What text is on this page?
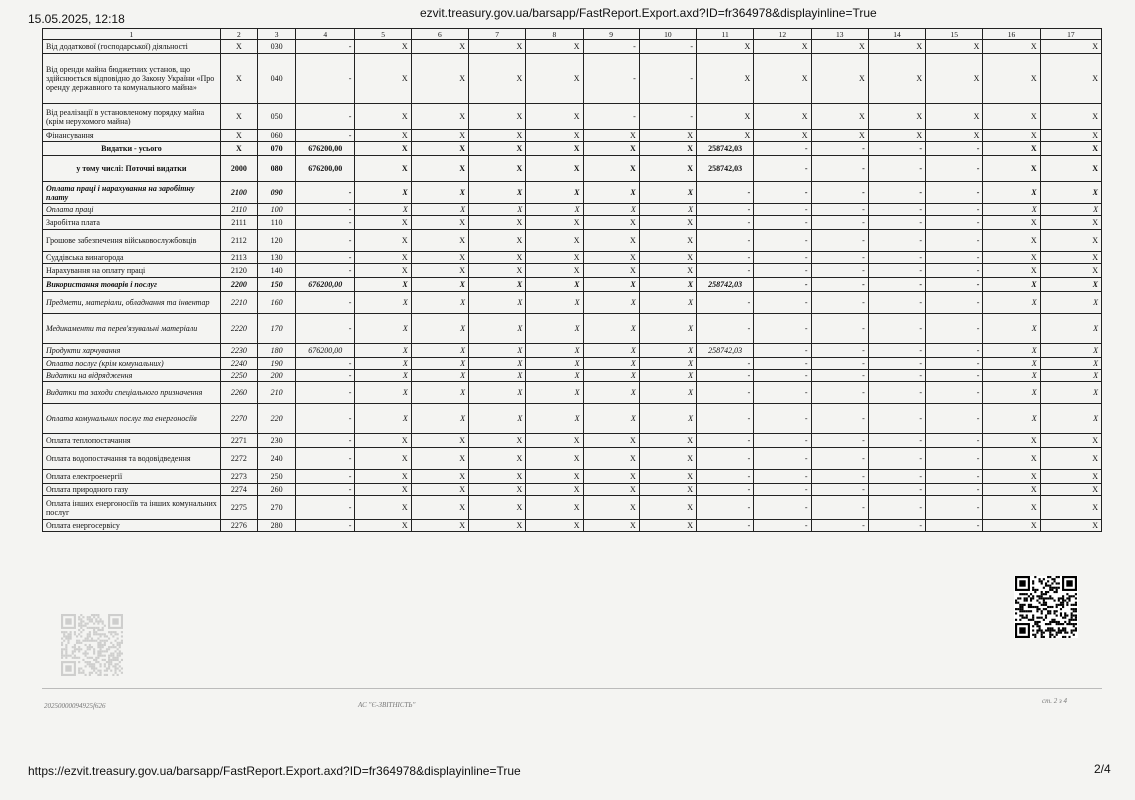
15.05.2025, 12:18	ezvit.treasury.gov.ua/barsapp/FastReport.Export.axd?ID=fr364978&displayinline=True
1	2	3	4	5	6	7	8	9	10	11	12	13	14	15	16	17
Від додаткової (господарської) діяльності	X	030	-	X	X	X	X	-	-	X	X	X	X	X	X	X
Від оренди майна бюджетних установ, що здійснюється відповідно до Закону України «Про оренду державного та комунального майна»	X	040	-	X	X	X	X	-	-	X	X	X	X	X	X	X
Від реалізації в установленому порядку майна (крім нерухомого майна)	X	050	-	X	X	X	X	-	-	X	X	X	X	X	X	X
Фінансування	X	060	-	X	X	X	X	X	X	X	X	X	X	X	X	X
Видатки - усього	X	070	676200,00	X	X	X	X	X	X	258742,03	-	-	-	-	X	X
у тому числі: Поточні видатки	2000	080	676200,00	X	X	X	X	X	X	258742,03	-	-	-	-	X	X
Оплата праці і нарахування на заробітну плату	2100	090	-	X	X	X	X	X	X	-	-	-	-	-	X	X
Оплата праці	2110	100	-	X	X	X	X	X	X	-	-	-	-	-	X	X
Заробітна плата	2111	110	-	X	X	X	X	X	X	-	-	-	-	-	X	X
Грошове забезпечення військовослужбовців	2112	120	-	X	X	X	X	X	X	-	-	-	-	-	X	X
Суддівська винагорода	2113	130	-	X	X	X	X	X	X	-	-	-	-	-	X	X
Нарахування на оплату праці	2120	140	-	X	X	X	X	X	X	-	-	-	-	-	X	X
Використання товарів і послуг	2200	150	676200,00	X	X	X	X	X	X	258742,03	-	-	-	-	X	X
Предмети, матеріали, обладнання та інвентар	2210	160	-	X	X	X	X	X	X	-	-	-	-	-	X	X
Медикаменти та перев'язувальні матеріали	2220	170	-	X	X	X	X	X	X	-	-	-	-	-	X	X
Продукти харчування	2230	180	676200,00	X	X	X	X	X	X	258742,03	-	-	-	-	X	X
Оплата послуг (крім комунальних)	2240	190	-	X	X	X	X	X	X	-	-	-	-	-	X	X
Видатки на відрядження	2250	200	-	X	X	X	X	X	X	-	-	-	-	-	X	X
Видатки та заходи спеціального призначення	2260	210	-	X	X	X	X	X	X	-	-	-	-	-	X	X
Оплата комунальних послуг та енергоносіїв	2270	220	-	X	X	X	X	X	X	-	-	-	-	-	X	X
Оплата теплопостачання	2271	230	-	X	X	X	X	X	X	-	-	-	-	-	X	X
Оплата водопостачання та водовідведення	2272	240	-	X	X	X	X	X	X	-	-	-	-	-	X	X
Оплата електроенергії	2273	250	-	X	X	X	X	X	X	-	-	-	-	-	X	X
Оплата природного газу	2274	260	-	X	X	X	X	X	X	-	-	-	-	-	X	X
Оплата інших енергоносіїв та інших комунальних послуг	2275	270	-	X	X	X	X	X	X	-	-	-	-	-	X	X
Оплата енергосервісу	2276	280	-	X	X	X	X	X	X	-	-	-	-	-	X	X
20250000094925f626	АС "Є-ЗВІТНІСТЬ"	ст. 2 з 4
https://ezvit.treasury.gov.ua/barsapp/FastReport.Export.axd?ID=fr364978&displayinline=True	2/4
